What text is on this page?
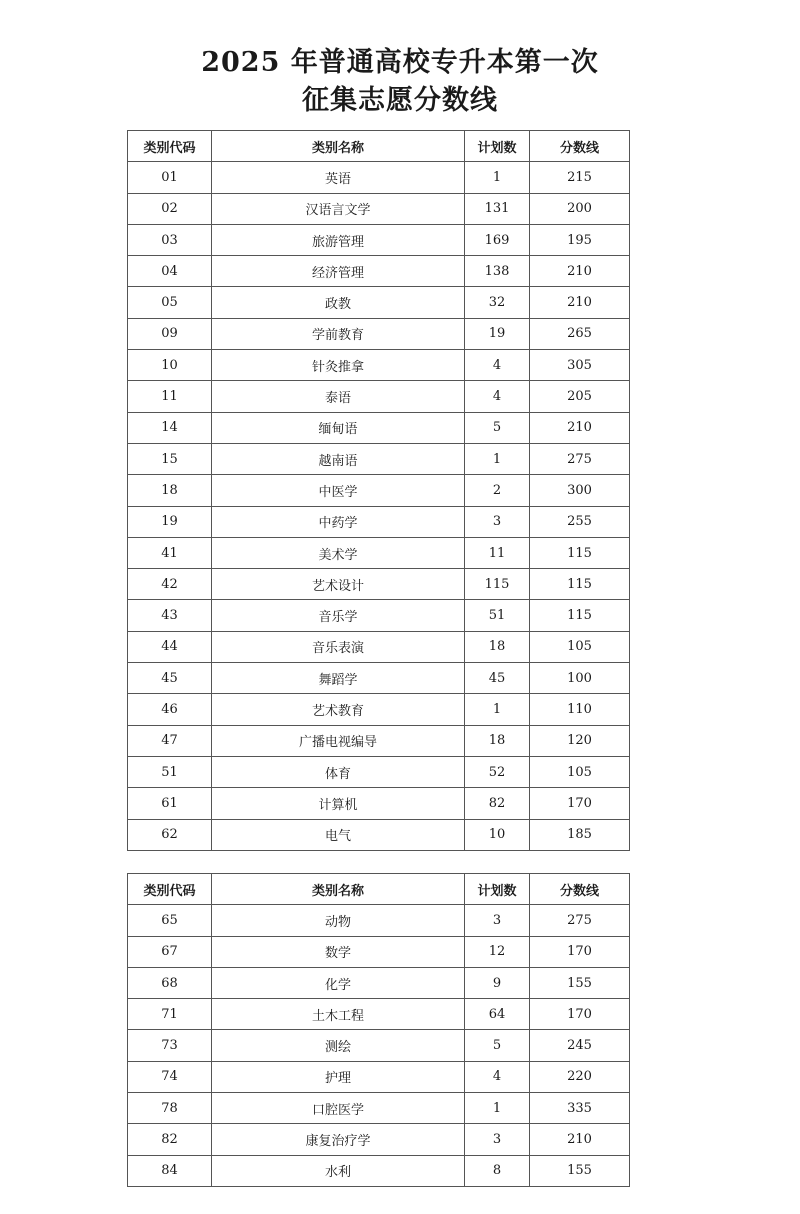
2025 年普通高校专升本第一次
征集志愿分数线
类别代码	类别名称	计划数	分数线
01	英语	1	215
02	汉语言文学	131	200
03	旅游管理	169	195
04	经济管理	138	210
05	政教	32	210
09	学前教育	19	265
10	针灸推拿	4	305
11	泰语	4	205
14	缅甸语	5	210
15	越南语	1	275
18	中医学	2	300
19	中药学	3	255
41	美术学	11	115
42	艺术设计	115	115
43	音乐学	51	115
44	音乐表演	18	105
45	舞蹈学	45	100
46	艺术教育	1	110
47	广播电视编导	18	120
51	体育	52	105
61	计算机	82	170
62	电气	10	185
类别代码	类别名称	计划数	分数线
65	动物	3	275
67	数学	12	170
68	化学	9	155
71	土木工程	64	170
73	测绘	5	245
74	护理	4	220
78	口腔医学	1	335
82	康复治疗学	3	210
84	水利	8	155
